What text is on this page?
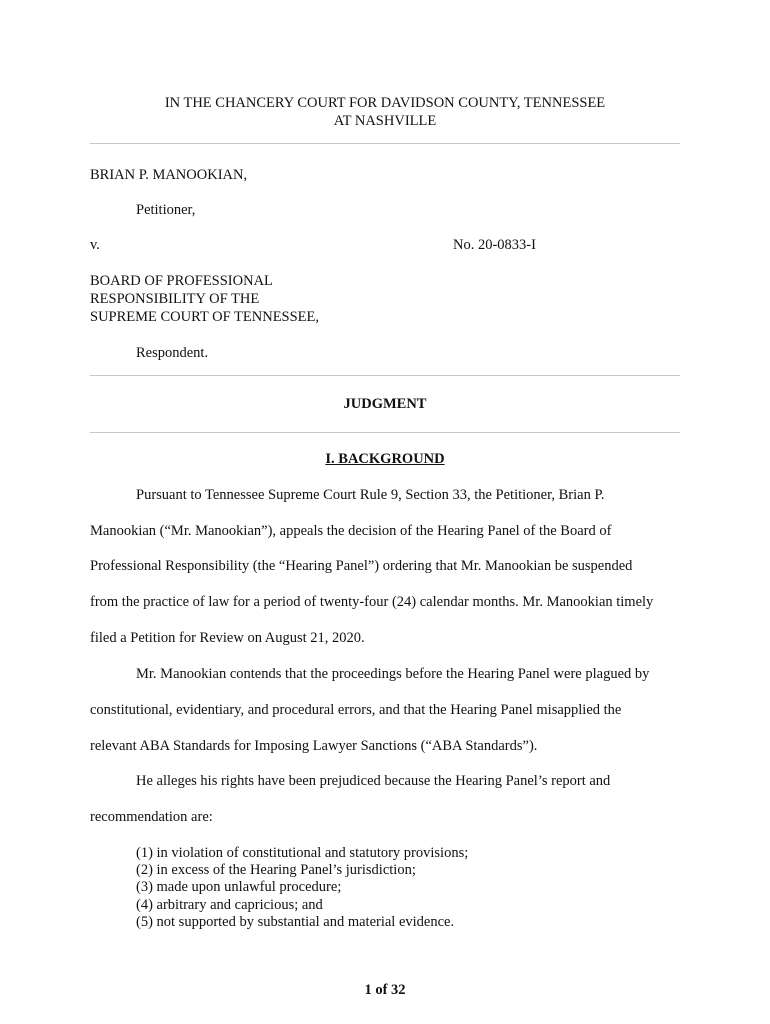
IN THE CHANCERY COURT FOR DAVIDSON COUNTY, TENNESSEE
AT NASHVILLE
BRIAN P. MANOOKIAN,
Petitioner,
v.	No. 20-0833-I
BOARD OF PROFESSIONAL
RESPONSIBILITY OF THE
SUPREME COURT OF TENNESSEE,
Respondent.
JUDGMENT
I. BACKGROUND
Pursuant to Tennessee Supreme Court Rule 9, Section 33, the Petitioner, Brian P.
Manookian (“Mr. Manookian”), appeals the decision of the Hearing Panel of the Board of
Professional Responsibility (the “Hearing Panel”) ordering that Mr. Manookian be suspended
from the practice of law for a period of twenty-four (24) calendar months. Mr. Manookian timely
filed a Petition for Review on August 21, 2020.
Mr. Manookian contends that the proceedings before the Hearing Panel were plagued by
constitutional, evidentiary, and procedural errors, and that the Hearing Panel misapplied the
relevant ABA Standards for Imposing Lawyer Sanctions (“ABA Standards”).
He alleges his rights have been prejudiced because the Hearing Panel’s report and
recommendation are:
(1) in violation of constitutional and statutory provisions;
(2) in excess of the Hearing Panel’s jurisdiction;
(3) made upon unlawful procedure;
(4) arbitrary and capricious; and
(5) not supported by substantial and material evidence.
1 of 32
